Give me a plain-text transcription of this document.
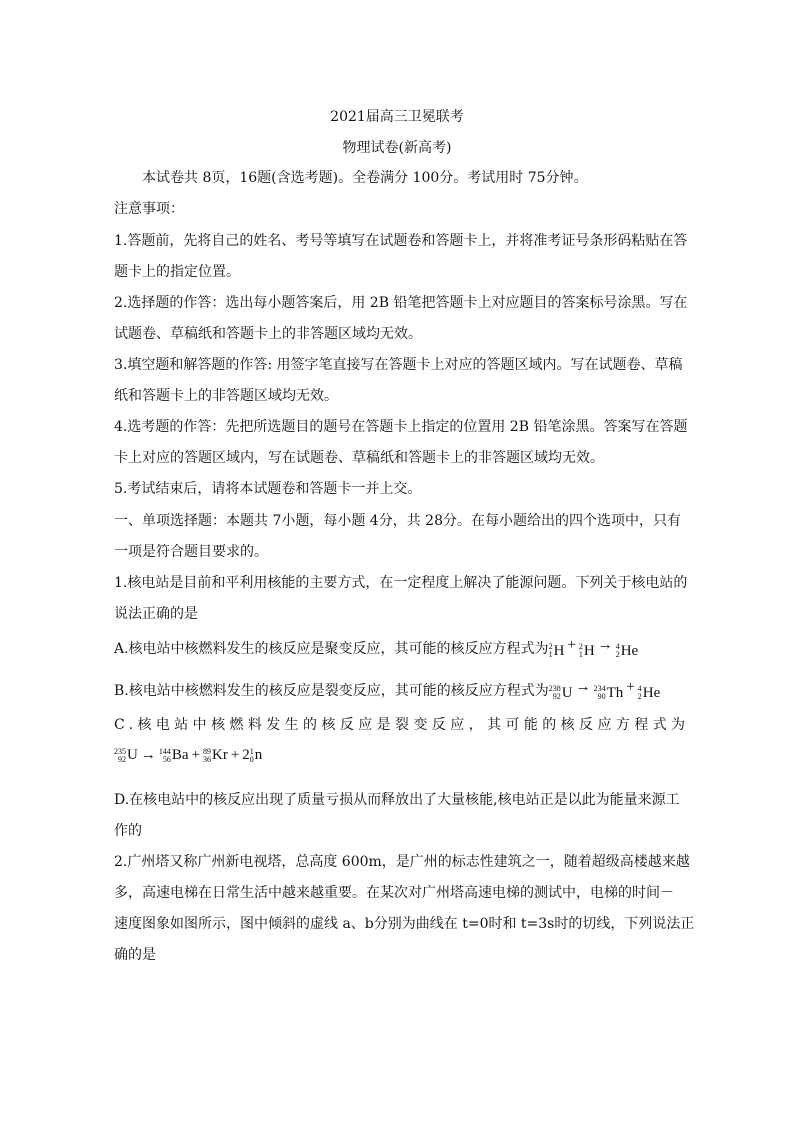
2021届高三卫冕联考
物理试卷(新高考)
本试卷共 8页，16题(含选考题)。全卷满分 100分。考试用时 75分钟。
注意事项：
1.答题前，先将自己的姓名、考号等填写在试题卷和答题卡上，并将准考证号条形码粘贴在答
题卡上的指定位置。
2.选择题的作答：选出每小题答案后，用 2B 铅笔把答题卡上对应题目的答案标号涂黑。写在
试题卷、草稿纸和答题卡上的非答题区域均无效。
3.填空题和解答题的作答: 用签字笔直接写在答题卡上对应的答题区域内。写在试题卷、草稿
纸和答题卡上的非答题区域均无效。
4.选考题的作答：先把所选题目的题号在答题卡上指定的位置用 2B 铅笔涂黑。答案写在答题
卡上对应的答题区域内，写在试题卷、草稿纸和答题卡上的非答题区域均无效。
5.考试结束后，请将本试题卷和答题卡一并上交。
一、单项选择题：本题共 7小题，每小题 4分，共 28分。在每小题给出的四个选项中，只有
一项是符合题目要求的。
1.核电站是目前和平利用核能的主要方式，在一定程度上解决了能源问题。下列关于核电站的
说法正确的是
A.核电站中核燃料发生的核反应是聚变反应，其可能的核反应方程式为 2
1 H + 2
1 H → 4
2 He
B.核电站中核燃料发生的核反应是裂变反应，其可能的核反应方程式为 238
92 U → 234
90 Th + 4
2 He
C.核电站中核燃料发生的核反应是裂变反应，其可能的核反应方程式为
235
92 U → 144
56 Ba + 89
36 Kr + 2 1
0 n
D.在核电站中的核反应出现了质量亏损从而释放出了大量核能,核电站正是以此为能量来源工
作的
2.广州塔又称广州新电视塔，总高度 600m，是广州的标志性建筑之一，随着超级高楼越来越
多，高速电梯在日常生活中越来越重要。在某次对广州塔高速电梯的测试中，电梯的时间－
速度图象如图所示，图中倾斜的虚线 a、b分别为曲线在 t=0时和 t=3s时的切线，下列说法正
确的是
